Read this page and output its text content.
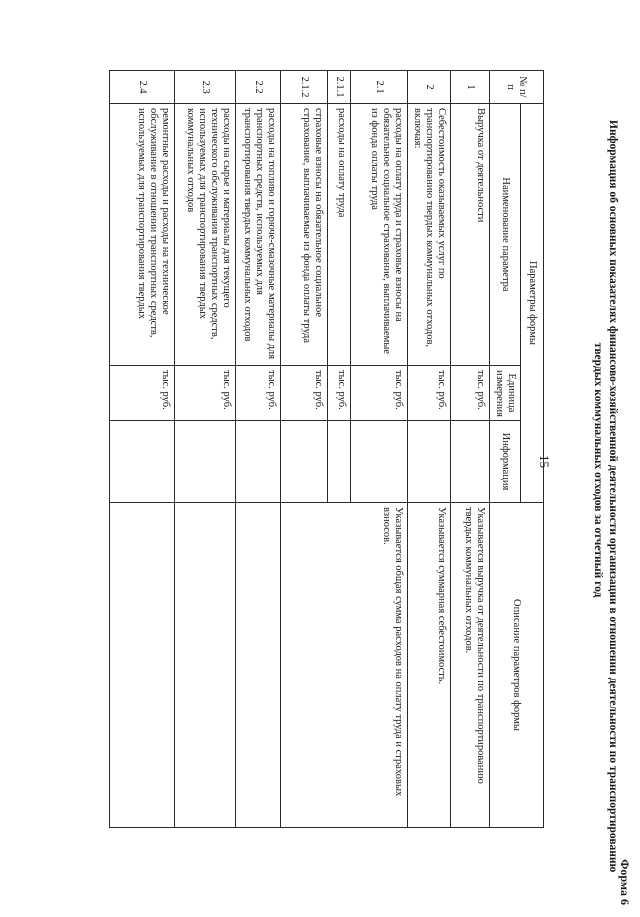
Форма 6
Информация об основных показателях финансово-хозяйственной деятельности организации в отношении деятельности по транспортированию
твердых коммунальных отходов за отчетный год
15
№ п/п	Параметры формы			Описание параметров формы
	Наименование параметра	Единица измерения	Информация	
1	Выручка от деятельности	тыс. руб.		Указывается выручка от деятельности по транспортированию твердых коммунальных отходов.
2	Себестоимость оказываемых услуг по транспортированию твердых коммунальных отходов, включая:	тыс. руб.		Указывается суммарная себестоимость.
2.1	расходы на оплату труда и страховые взносы на обязательное социальное страхование, выплачиваемые из фонда оплаты труда	тыс. руб.		Указывается общая сумма расходов на оплату труда и страховых взносов.
2.1.1	расходы на оплату труда	тыс. руб.		
2.1.2	страховые взносы на обязательное социальное страхование, выплачиваемые из фонда оплаты труда	тыс. руб.		
2.2	расходы на топливо и горюче-смазочные материалы для транспортных средств, используемых для транспортирования твердых коммунальных отходов	тыс. руб.		
2.3	расходы на сырье и материалы для текущего технического обслуживания транспортных средств, используемых для транспортирования твердых коммунальных отходов	тыс. руб.		
2.4	ремонтные расходы и расходы на техническое обслуживание в отношении транспортных средств, используемых для транспортирования твердых	тыс. руб.		
